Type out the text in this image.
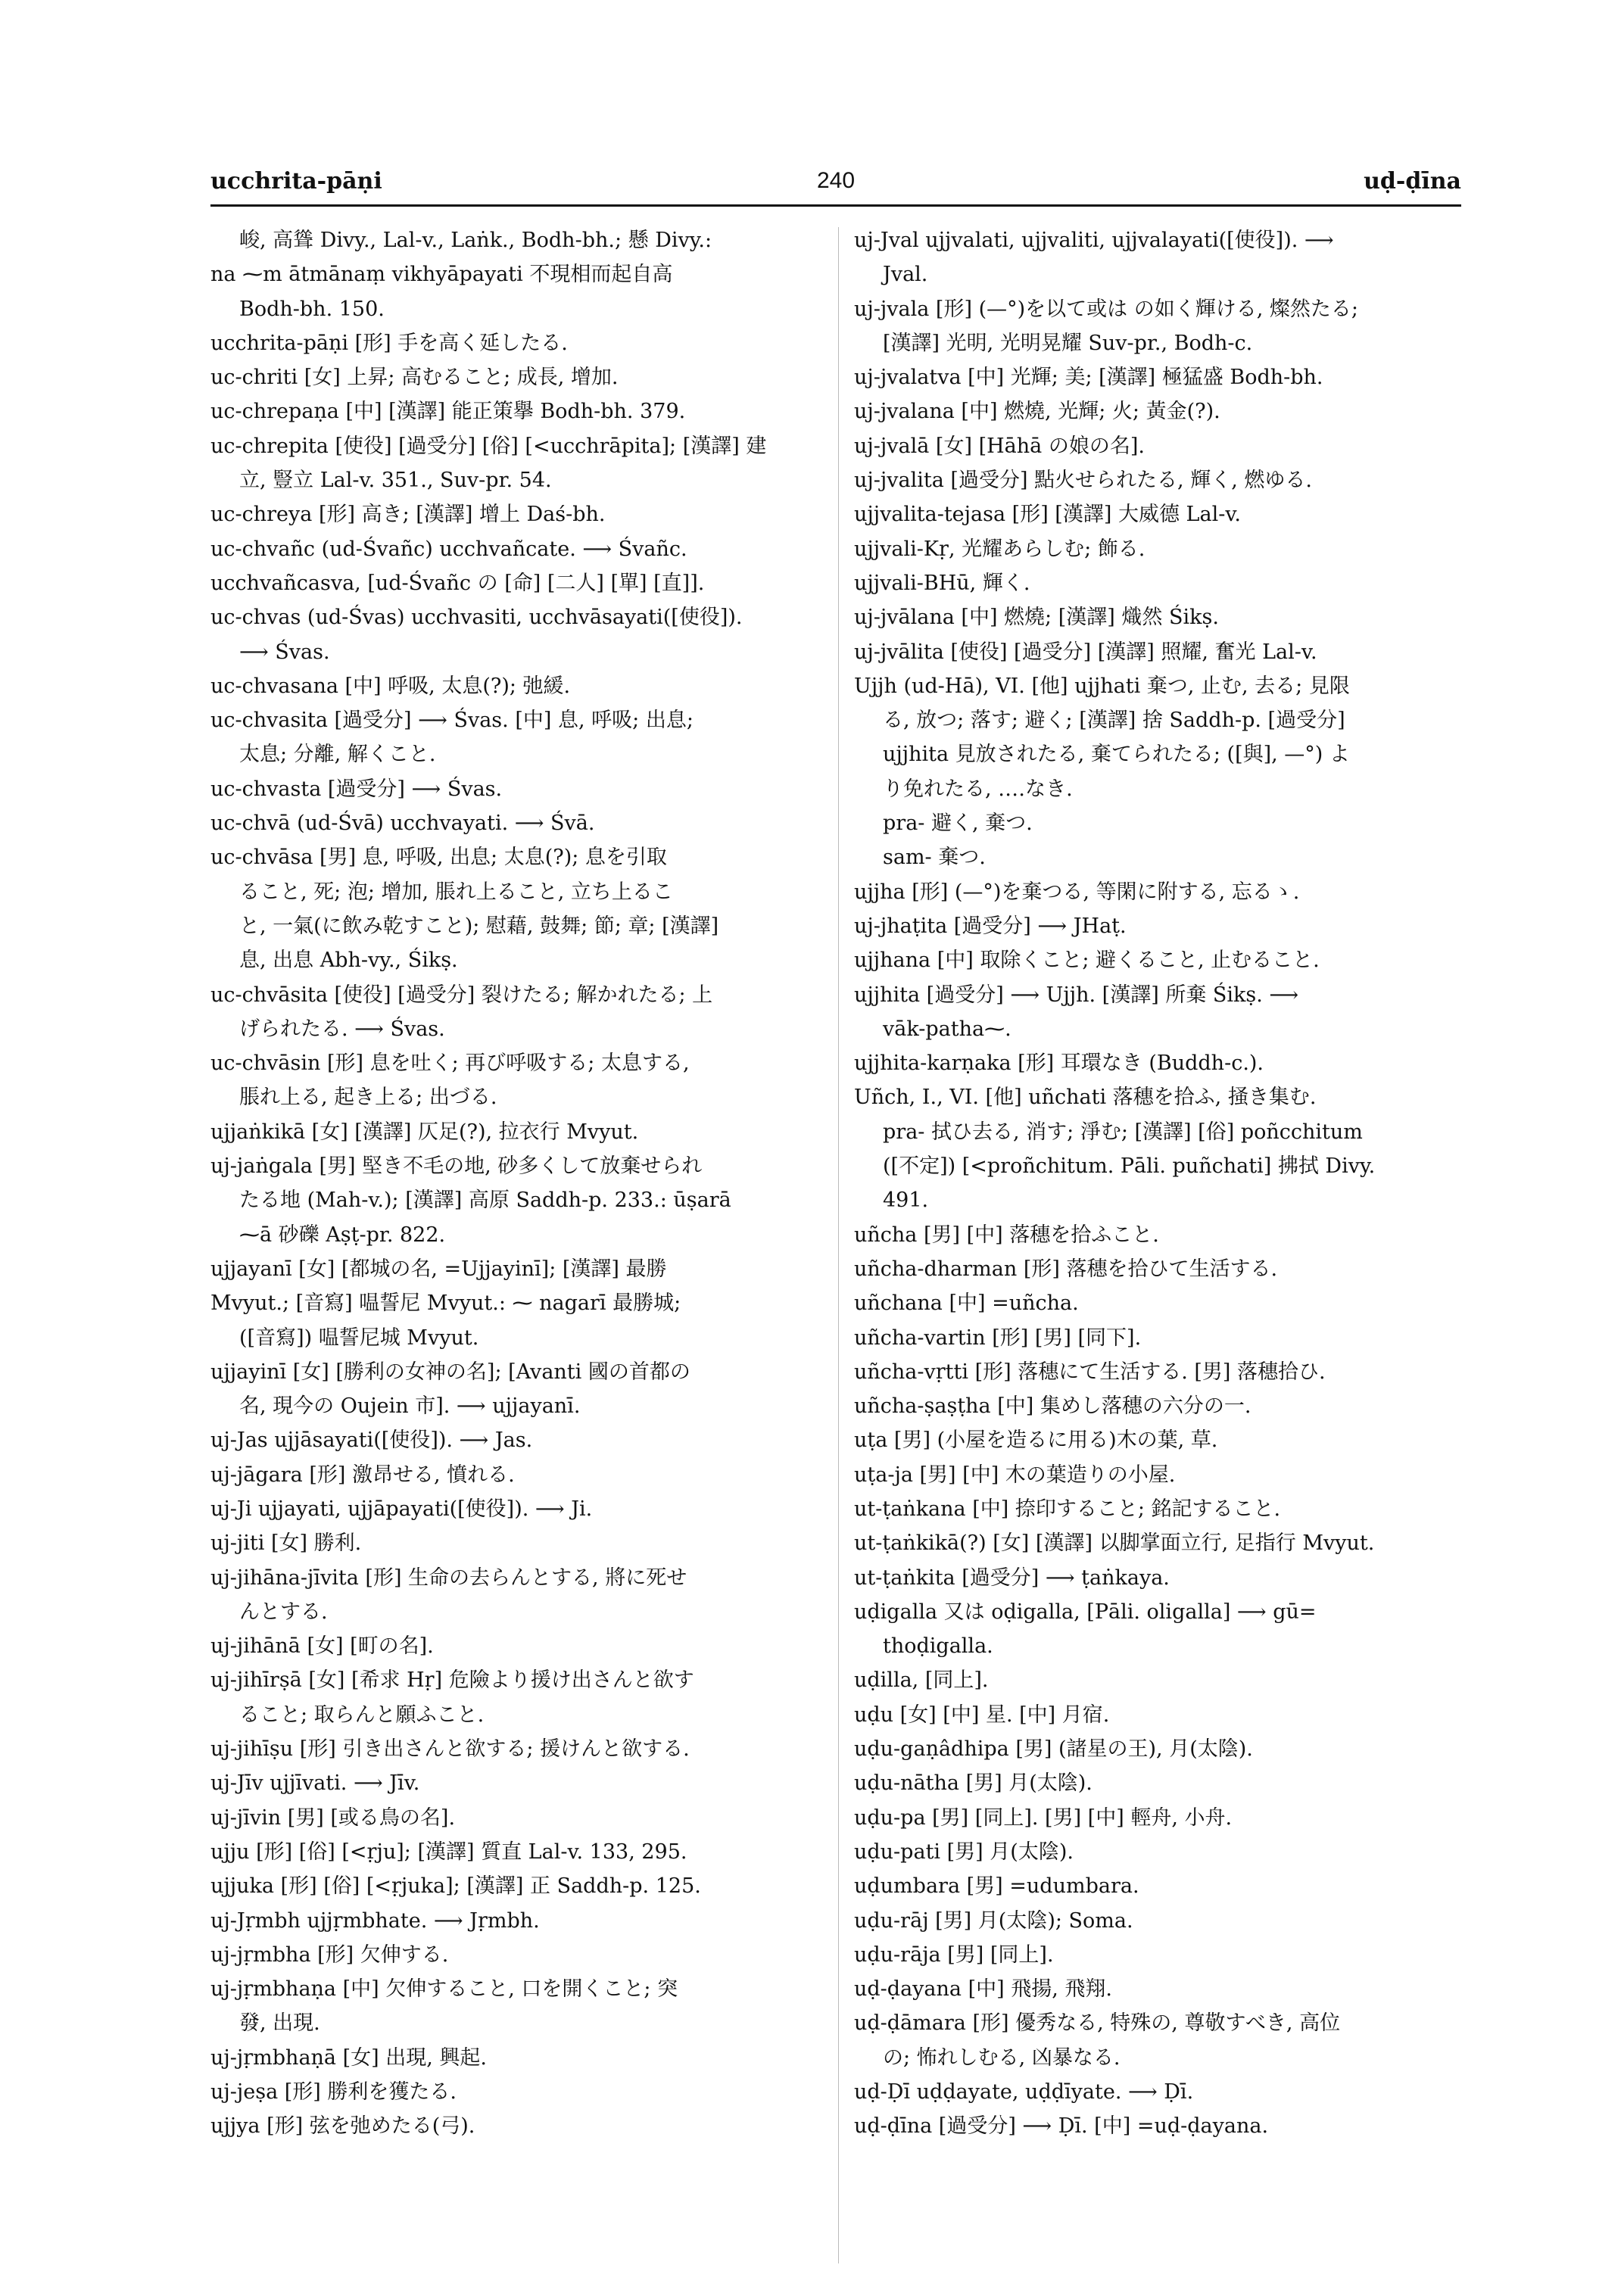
ucchrita-pāṇi	240	uḍ-ḍīna
峻, 高聳 Divy., Lal-v., Laṅk., Bodh-bh.; 懸 Divy.:
na ⁓m ātmānaṃ vikhyāpayati 不現相而起自高
Bodh-bh. 150.
ucchrita-pāṇi [形] 手を高く延したる.
uc-chriti [女] 上昇; 高むること; 成長, 增加.
uc-chrepaṇa [中] [漢譯] 能正策擧 Bodh-bh. 379.
uc-chrepita [使役] [過受分] [俗] [<ucchrāpita]; [漢譯] 建
立, 豎立 Lal-v. 351., Suv-pr. 54.
uc-chreya [形] 高き; [漢譯] 增上 Daś-bh.
uc-chvañc (ud-Śvañc) ucchvañcate. ⟶ Śvañc.
ucchvañcasva, [ud-Śvañc の [命] [二人] [單] [直]].
uc-chvas (ud-Śvas) ucchvasiti, ucchvāsayati([使役]).
⟶ Śvas.
uc-chvasana [中] 呼吸, 太息(?); 弛緩.
uc-chvasita [過受分] ⟶ Śvas. [中] 息, 呼吸; 出息;
太息; 分離, 解くこと.
uc-chvasta [過受分] ⟶ Śvas.
uc-chvā (ud-Śvā) ucchvayati. ⟶ Śvā.
uc-chvāsa [男] 息, 呼吸, 出息; 太息(?); 息を引取
ること, 死; 泡; 增加, 脹れ上ること, 立ち上るこ
と, 一氣(に飲み乾すこと); 慰藉, 鼓舞; 節; 章; [漢譯]
息, 出息 Abh-vy., Śikṣ.
uc-chvāsita [使役] [過受分] 裂けたる; 解かれたる; 上
げられたる. ⟶ Śvas.
uc-chvāsin [形] 息を吐く; 再び呼吸する; 太息する,
脹れ上る, 起き上る; 出づる.
ujjaṅkikā [女] [漢譯] 仄足(?), 拉衣行 Mvyut.
uj-jaṅgala [男] 堅き不毛の地, 砂多くして放棄せられ
たる地 (Mah-v.); [漢譯] 高原 Saddh-p. 233.: ūṣarā
⁓ā 砂礫 Aṣṭ-pr. 822.
ujjayanī [女] [都城の名, =Ujjayinī]; [漢譯] 最勝
Mvyut.; [音寫] 嗢誓尼 Mvyut.: ⁓ nagarī 最勝城;
([音寫]) 嗢誓尼城 Mvyut.
ujjayinī [女] [勝利の女神の名]; [Avanti 國の首都の
名, 現今の Oujein 市]. ⟶ ujjayanī.
uj-Jas ujjāsayati([使役]). ⟶ Jas.
uj-jāgara [形] 激昂せる, 憤れる.
uj-Ji ujjayati, ujjāpayati([使役]). ⟶ Ji.
uj-jiti [女] 勝利.
uj-jihāna-jīvita [形] 生命の去らんとする, 將に死せ
んとする.
uj-jihānā [女] [町の名].
uj-jihīrṣā [女] [希求 Hṛ] 危險より援け出さんと欲す
ること; 取らんと願ふこと.
uj-jihīṣu [形] 引き出さんと欲する; 援けんと欲する.
uj-Jīv ujjīvati. ⟶ Jīv.
uj-jīvin [男] [或る鳥の名].
ujju [形] [俗] [<ṛju]; [漢譯] 質直 Lal-v. 133, 295.
ujjuka [形] [俗] [<ṛjuka]; [漢譯] 正 Saddh-p. 125.
uj-Jṛmbh ujjṛmbhate. ⟶ Jṛmbh.
uj-jṛmbha [形] 欠伸する.
uj-jṛmbhaṇa [中] 欠伸すること, 口を開くこと; 突
發, 出現.
uj-jṛmbhaṇā [女] 出現, 興起.
uj-jeṣa [形] 勝利を獲たる.
ujjya [形] 弦を弛めたる(弓).
uj-Jval ujjvalati, ujjvaliti, ujjvalayati([使役]). ⟶
Jval.
uj-jvala [形] (—°)を以て或は の如く輝ける, 燦然たる;
[漢譯] 光明, 光明晃耀 Suv-pr., Bodh-c.
uj-jvalatva [中] 光輝; 美; [漢譯] 極猛盛 Bodh-bh.
uj-jvalana [中] 燃燒, 光輝; 火; 黃金(?).
uj-jvalā [女] [Hāhā の娘の名].
uj-jvalita [過受分] 點火せられたる, 輝く, 燃ゆる.
ujjvalita-tejasa [形] [漢譯] 大威德 Lal-v.
ujjvali-Kṛ, 光耀あらしむ; 飾る.
ujjvali-BHū, 輝く.
uj-jvālana [中] 燃燒; [漢譯] 熾然 Śikṣ.
uj-jvālita [使役] [過受分] [漢譯] 照耀, 奮光 Lal-v.
Ujjh (ud-Hā), VI. [他] ujjhati 棄つ, 止む, 去る; 見限
る, 放つ; 落す; 避く; [漢譯] 捨 Saddh-p. [過受分]
ujjhita 見放されたる, 棄てられたる; ([與], —°) よ
り免れたる, ‥‥なき.
pra- 避く, 棄つ.
sam- 棄つ.
ujjha [形] (—°)を棄つる, 等閑に附する, 忘るゝ.
uj-jhaṭita [過受分] ⟶ JHaṭ.
ujjhana [中] 取除くこと; 避くること, 止むること.
ujjhita [過受分] ⟶ Ujjh. [漢譯] 所棄 Śikṣ. ⟶
vāk-patha⁓.
ujjhita-karṇaka [形] 耳環なき (Buddh-c.).
Uñch, I., VI. [他] uñchati 落穗を拾ふ, 掻き集む.
pra- 拭ひ去る, 消す; 淨む; [漢譯] [俗] poñcchitum
([不定]) [<proñchitum. Pāli. puñchati] 拂拭 Divy.
491.
uñcha [男] [中] 落穗を拾ふこと.
uñcha-dharman [形] 落穗を拾ひて生活する.
uñchana [中] =uñcha.
uñcha-vartin [形] [男] [同下].
uñcha-vṛtti [形] 落穗にて生活する. [男] 落穗拾ひ.
uñcha-ṣaṣṭha [中] 集めし落穗の六分の一.
uṭa [男] (小屋を造るに用る)木の葉, 草.
uṭa-ja [男] [中] 木の葉造りの小屋.
ut-ṭaṅkana [中] 捺印すること; 銘記すること.
ut-ṭaṅkikā(?) [女] [漢譯] 以脚掌面立行, 足指行 Mvyut.
ut-ṭaṅkita [過受分] ⟶ ṭaṅkaya.
uḍigalla 又は oḍigalla, [Pāli. oligalla] ⟶ gū=
thoḍigalla.
uḍilla, [同上].
uḍu [女] [中] 星. [中] 月宿.
uḍu-gaṇâdhipa [男] (諸星の王), 月(太陰).
uḍu-nātha [男] 月(太陰).
uḍu-pa [男] [同上]. [男] [中] 輕舟, 小舟.
uḍu-pati [男] 月(太陰).
uḍumbara [男] =udumbara.
uḍu-rāj [男] 月(太陰); Soma.
uḍu-rāja [男] [同上].
uḍ-ḍayana [中] 飛揚, 飛翔.
uḍ-ḍāmara [形] 優秀なる, 特殊の, 尊敬すべき, 高位
の; 怖れしむる, 凶暴なる.
uḍ-Ḍī uḍḍayate, uḍḍīyate. ⟶ Ḍī.
uḍ-ḍīna [過受分] ⟶ Ḍī. [中] =uḍ-ḍayana.
